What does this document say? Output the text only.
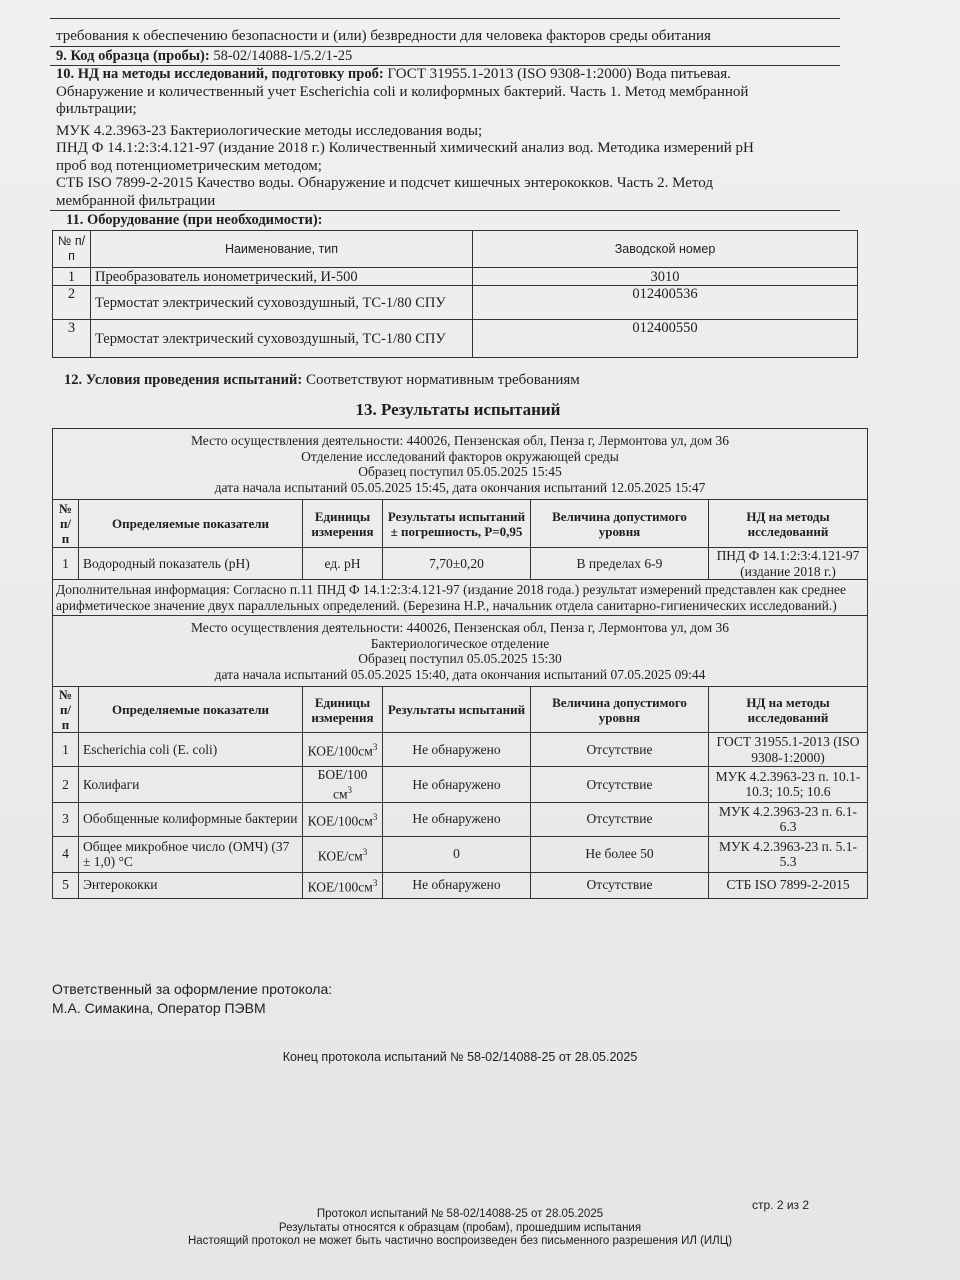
требования к обеспечению безопасности и (или) безвредности для человека факторов среды обитания
9. Код образца (пробы): 58-02/14088-1/5.2/1-25
10. НД на методы исследований, подготовку проб: ГОСТ 31955.1-2013 (ISO 9308-1:2000) Вода питьевая.
Обнаружение и количественный учет Escherichia coli и колиформных бактерий. Часть 1. Метод мембранной
фильтрации;
МУК 4.2.3963-23 Бактериологические методы исследования воды;
ПНД Ф 14.1:2:3:4.121-97 (издание 2018 г.) Количественный химический анализ вод. Методика измерений pH
проб вод потенциометрическим методом;
СТБ ISO 7899-2-2015 Качество воды. Обнаружение и подсчет кишечных энтерококков. Часть 2. Метод
мембранной фильтрации
11. Оборудование (при необходимости):
№ п/п	Наименование, тип	Заводской номер
1	Преобразователь ионометрический, И-500	3010
2	Термостат электрический суховоздушный, ТС-1/80 СПУ	012400536
3	Термостат электрический суховоздушный, ТС-1/80 СПУ	012400550
12. Условия проведения испытаний: Соответствуют нормативным требованиям
13. Результаты испытаний
Место осуществления деятельности: 440026, Пензенская обл, Пенза г, Лермонтова ул, дом 36
Отделение исследований факторов окружающей среды
Образец поступил 05.05.2025 15:45
дата начала испытаний 05.05.2025 15:45, дата окончания испытаний 12.05.2025 15:47					

№ п/п	Определяемые показатели	Единицы измерения	Результаты испытаний ± погрешность, P=0,95	Величина допустимого уровня	НД на методы исследований
1	Водородный показатель (pH)	ед. pH	7,70±0,20	В пределах 6-9	ПНД Ф 14.1:2:3:4.121-97 (издание 2018 г.)
Дополнительная информация: Согласно п.11 ПНД Ф 14.1:2:3:4.121-97 (издание 2018 года.) результат измерений представлен как среднее арифметическое значение двух параллельных определений. (Березина Н.Р., начальник отдела санитарно-гигиенических исследований.)					

Место осуществления деятельности: 440026, Пензенская обл, Пенза г, Лермонтова ул, дом 36
Бактериологическое отделение
Образец поступил 05.05.2025 15:30
дата начала испытаний 05.05.2025 15:40, дата окончания испытаний 07.05.2025 09:44					

№ п/п	Определяемые показатели	Единицы измерения	Результаты испытаний	Величина допустимого уровня	НД на методы исследований
1	Escherichia coli (E. coli)	КОЕ/$100см^3$	Не обнаружено	Отсутствие	ГОСТ 31955.1-2013 (ISO 9308-1:2000)
2	Колифаги	БОЕ/100 $см^3$	Не обнаружено	Отсутствие	МУК 4.2.3963-23 п. 10.1-10.3; 10.5; 10.6
3	Обобщенные колиформные бактерии	КОЕ/$100см^3$	Не обнаружено	Отсутствие	МУК 4.2.3963-23 п. 6.1-6.3
4	Общее микробное число (ОМЧ) (37 ± 1,0) °C	КОЕ/$см^3$	0	Не более 50	МУК 4.2.3963-23 п. 5.1-5.3
5	Энтерококки	КОЕ/$100см^3$	Не обнаружено	Отсутствие	СТБ ISO 7899-2-2015
Ответственный за оформление протокола:
М.А. Симакина, Оператор ПЭВМ
Конец протокола испытаний № 58-02/14088-25 от 28.05.2025
стр. 2 из 2
Протокол испытаний № 58-02/14088-25 от 28.05.2025
Результаты относятся к образцам (пробам), прошедшим испытания
Настоящий протокол не может быть частично воспроизведен без письменного разрешения ИЛ (ИЛЦ)
